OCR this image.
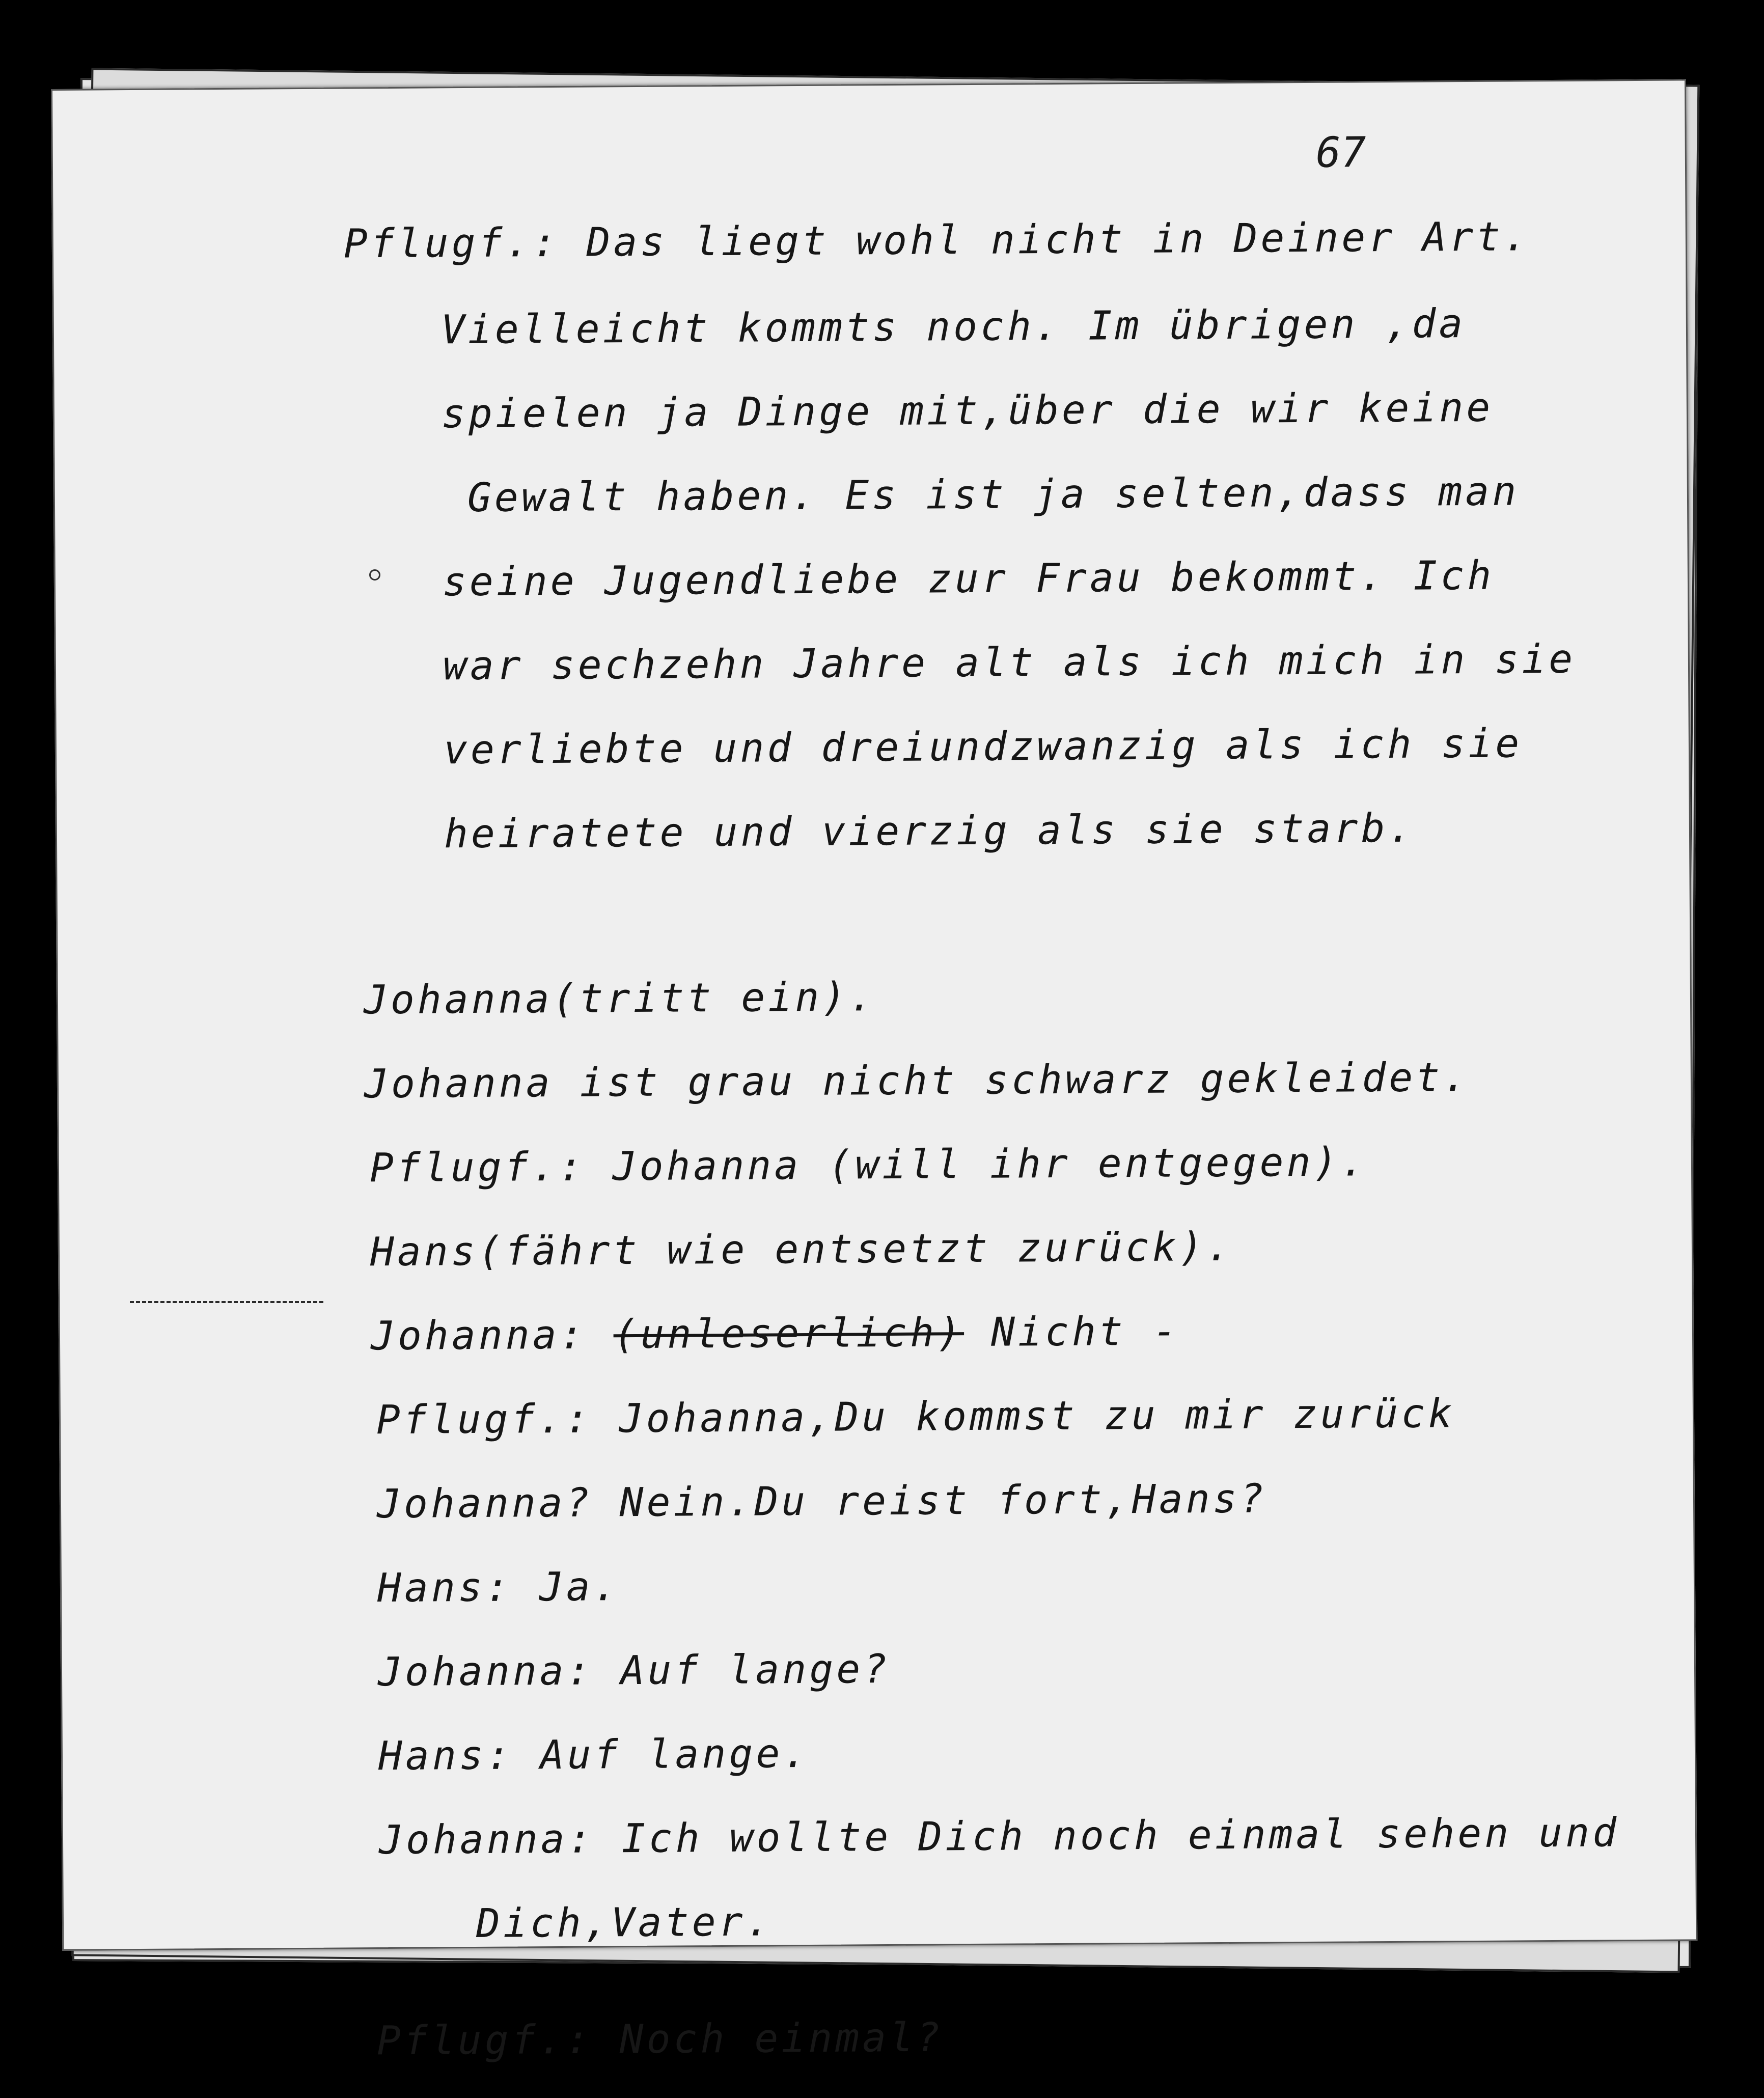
67
Pflugf.: Das liegt wohl nicht in Deiner Art.
Vielleicht kommts noch. Im übrigen ,da
spielen ja Dinge mit,über die wir keine
Gewalt haben. Es ist ja selten,dass man
seine Jugendliebe zur Frau bekommt. Ich
war sechzehn Jahre alt als ich mich in sie
verliebte und dreiundzwanzig als ich sie
heiratete und vierzig als sie starb.
Johanna(tritt ein).
Johanna ist grau nicht schwarz gekleidet.
Pflugf.: Johanna (will ihr entgegen).
Hans(fährt wie entsetzt zurück).
Johanna: (unleserlich) Nicht -
Pflugf.: Johanna,Du kommst zu mir zurück
Johanna? Nein.Du reist fort,Hans?
Hans: Ja.
Johanna: Auf lange?
Hans: Auf lange.
Johanna: Ich wollte Dich noch einmal sehen und
Dich,Vater.
Pflugf.: Noch einmal?
